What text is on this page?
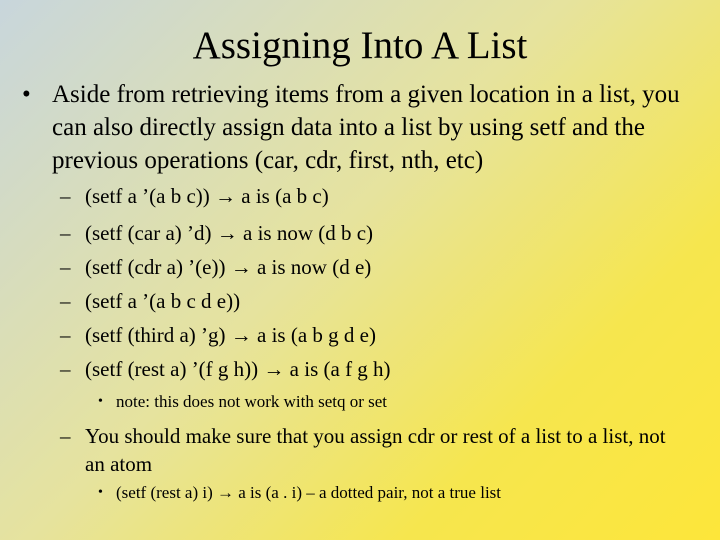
Assigning Into A List
• Aside from retrieving items from a given location in a list, you can also directly assign data into a list by using setf and the previous operations (car, cdr, first, nth, etc)
– (setf a ’(a b c)) → a is (a b c)
– (setf (car a) ’d) → a is now (d b c)
– (setf (cdr a) ’(e)) → a is now (d e)
– (setf a ’(a b c d e))
– (setf (third a) ’g) → a is (a b g d e)
– (setf (rest a) ’(f g h)) → a is (a f g h)
• note: this does not work with setq or set
– You should make sure that you assign cdr or rest of a list to a list, not an atom
• (setf (rest a) i) → a is (a . i) – a dotted pair, not a true list
